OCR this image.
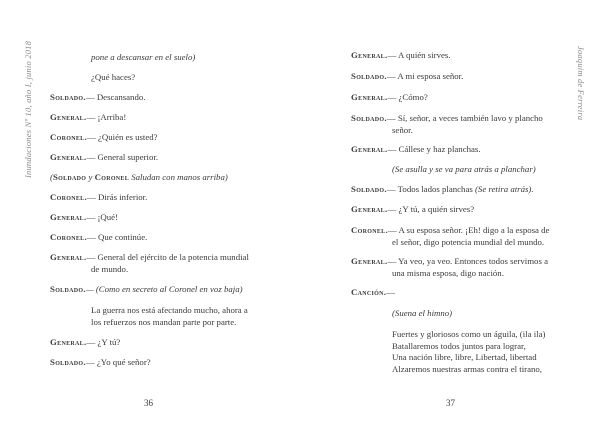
Inundaciones Nº 10, año I, junio 2018	Joaquim de Ferreira
pone a descansar en el suelo)
¿Qué haces?
Soldado.— Descansando.
General.— ¡Arriba!
Coronel.— ¿Quién es usted?
General.— General superior.
(Soldado y Coronel Saludan con manos arriba)
Coronel.— Dirás inferior.
General.— ¡Qué!
Coronel.— Que continúe.
General.— General del ejército de la potencia mundial
de mundo.
Soldado.— (Como en secreto al Coronel en voz baja)
La guerra nos está afectando mucho, ahora a
los refuerzos nos mandan parte por parte.
General.— ¿Y tú?
Soldado.— ¿Yo qué señor?
36
General.— A quién sirves.
Soldado.— A mi esposa señor.
General.— ¿Cómo?
Soldado.— Sí, señor, a veces también lavo y plancho
señor.
General.— Cállese y haz planchas.
(Se asulla y se va para atrás a planchar)
Soldado.— Todos lados planchas (Se retira atrás).
General.— ¿Y tú, a quién sirves?
Coronel.— A su esposa señor. ¡Eh! digo a la esposa de
el señor, digo potencia mundial del mundo.
General.— Ya veo, ya veo. Entonces todos servimos a
una misma esposa, digo nación.
Canción.—
(Suena el himno)
Fuertes y gloriosos como un águila, (ila ila)
Batallaremos todos juntos para lograr,
Una nación libre, libre, Libertad, libertad
Alzaremos nuestras armas contra el tirano,
37
